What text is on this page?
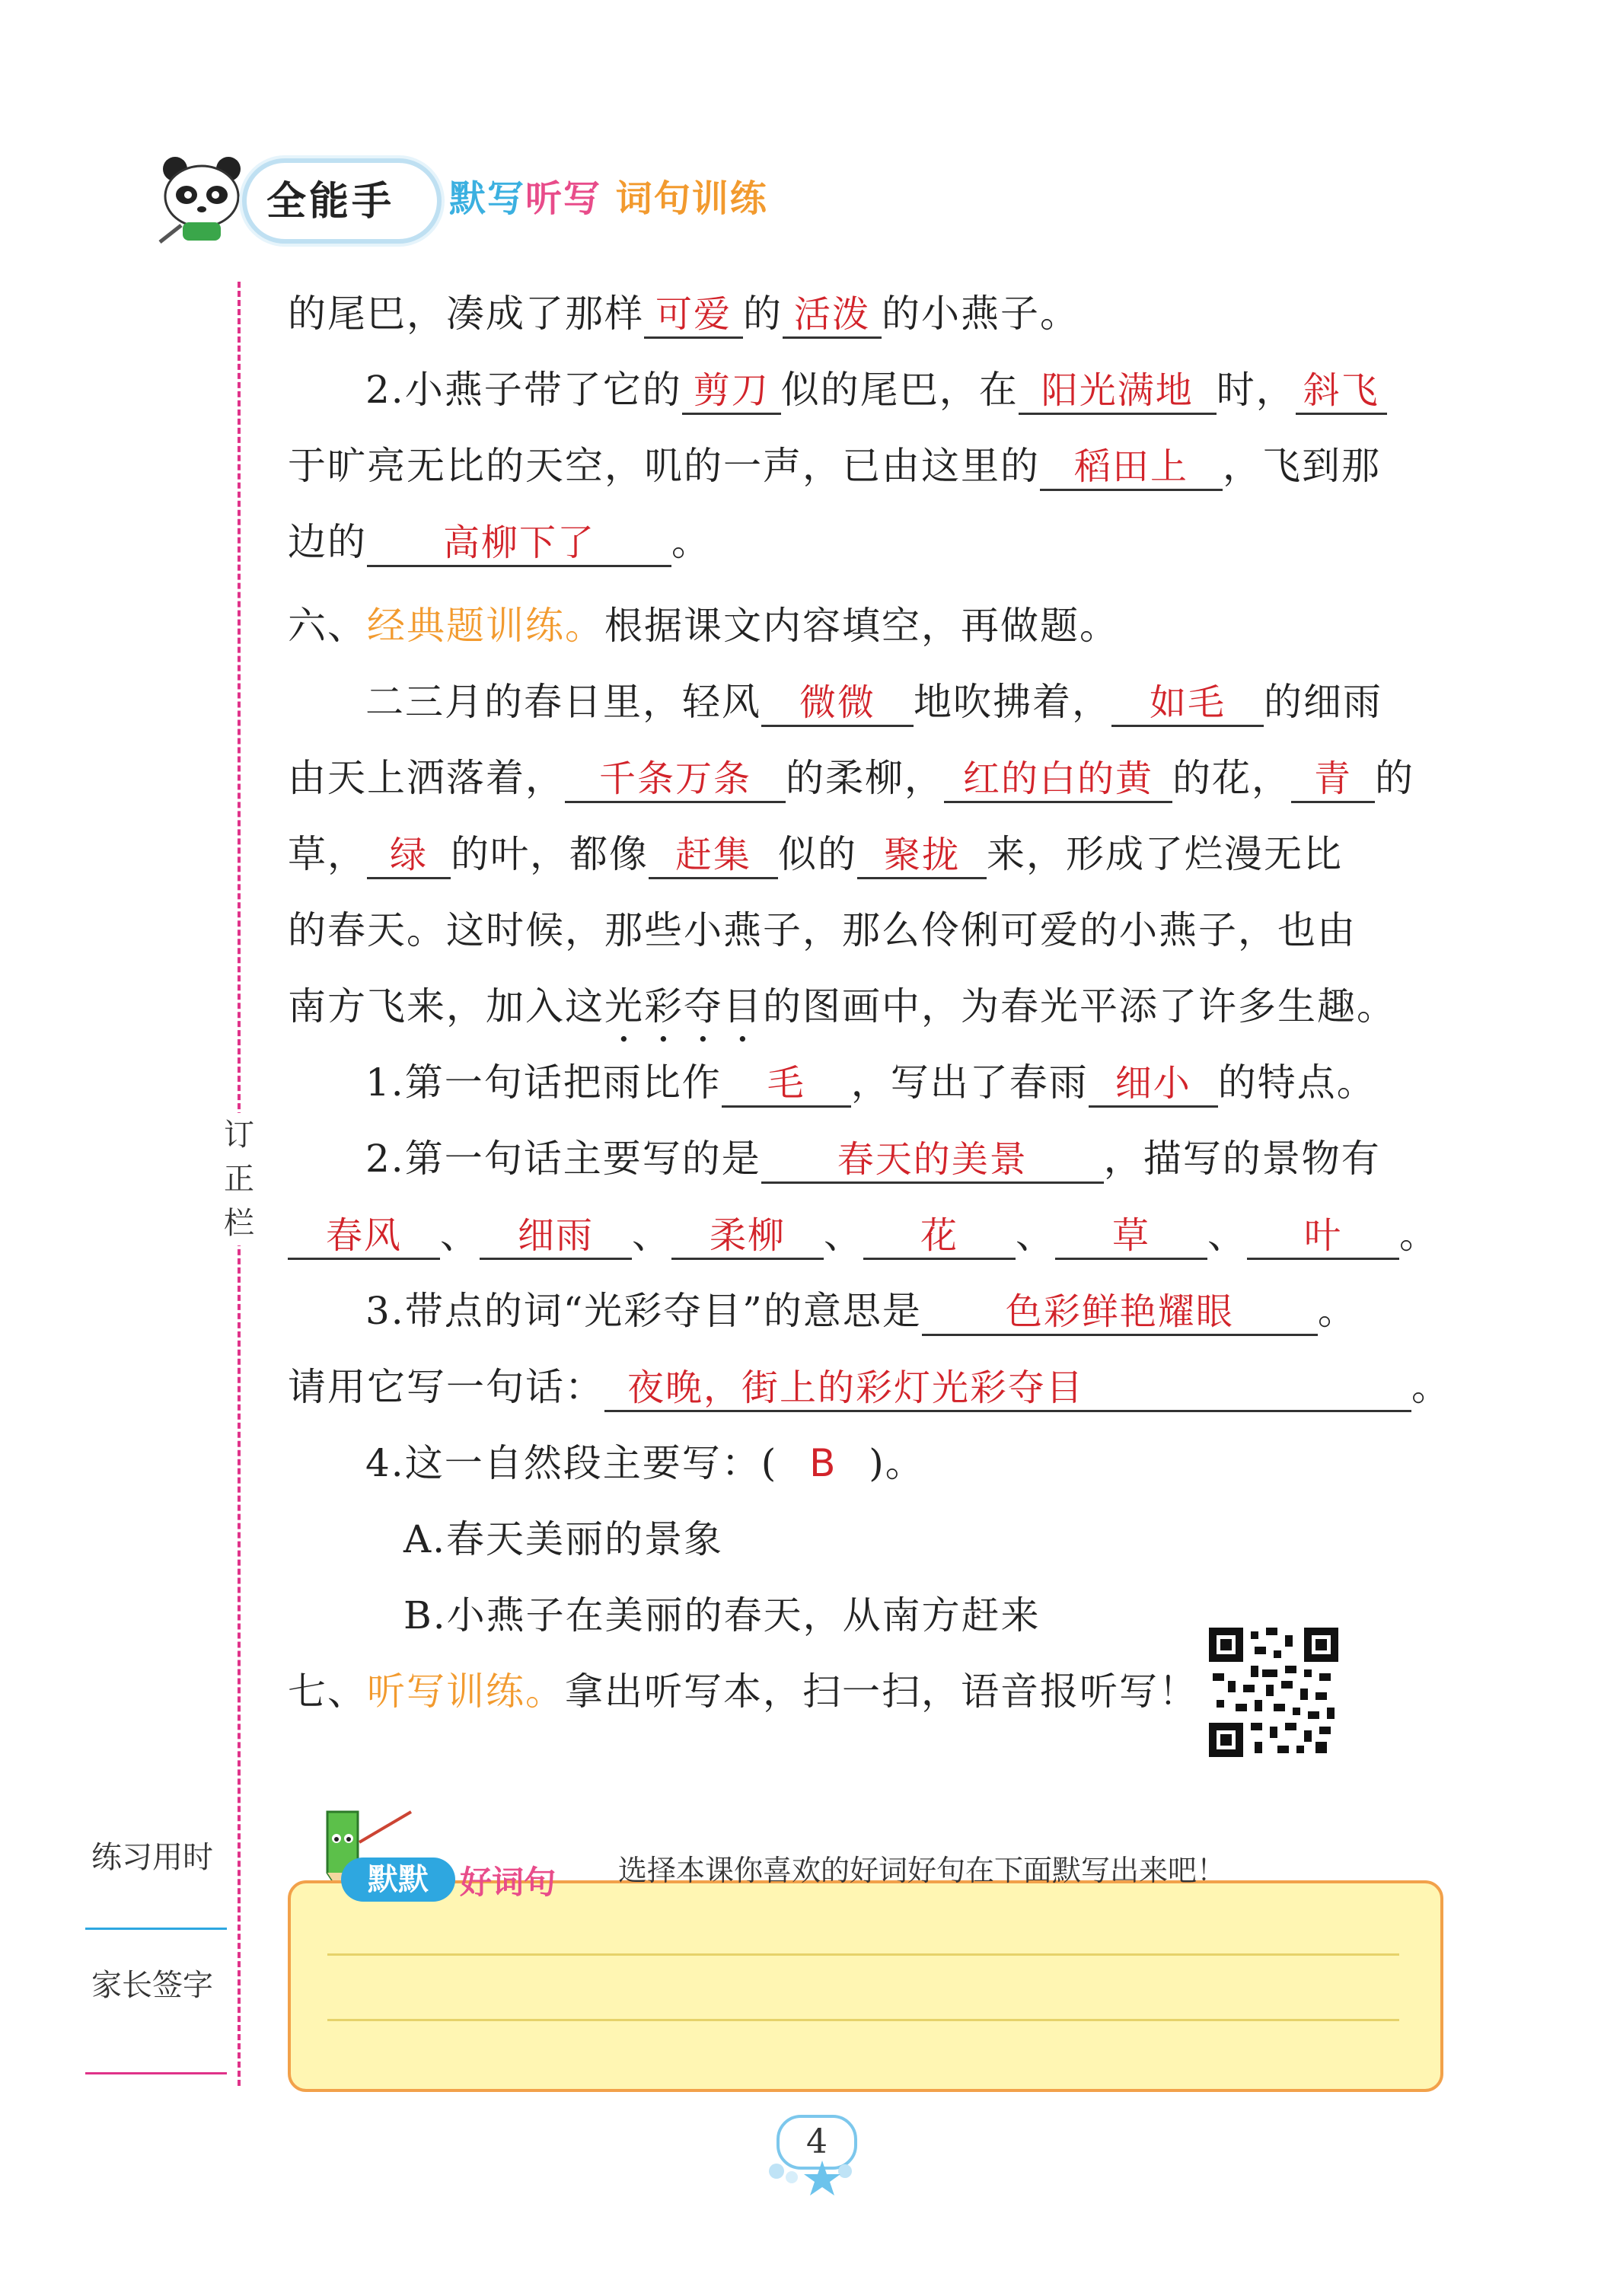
全能手 默写听写 词句训练
订
正
栏
练习用时
家长签字
的尾巴，凑成了那样 可爱 的 活泼 的小燕子。
2.小燕子带了它的 剪刀 似的尾巴，在 阳光满地 时， 斜飞
于旷亮无比的天空，叽的一声，已由这里的 稻田上 ，飞到那
边的 高柳下了 。
六、经典题训练。根据课文内容填空，再做题。
二三月的春日里，轻风 微微 地吹拂着， 如毛 的细雨
由天上洒落着， 千条万条 的柔柳， 红的白的黄 的花， 青 的
草， 绿 的叶，都像 赶集 似的 聚拢 来，形成了烂漫无比
的春天。这时候，那些小燕子，那么伶俐可爱的小燕子，也由
南方飞来，加入这光彩夺目的图画中，为春光平添了许多生趣。
1.第一句话把雨比作 毛 ，写出了春雨 细小 的特点。
2.第一句话主要写的是 春天的美景 ，描写的景物有
春风 、 细雨 、 柔柳 、 花 、 草 、 叶 。
3.带点的词“光彩夺目”的意思是 色彩鲜艳耀眼 。
请用它写一句话： 夜晚，街上的彩灯光彩夺目	。
4.这一自然段主要写：( B )。
A.春天美丽的景象
B.小燕子在美丽的春天，从南方赶来
七、听写训练。拿出听写本，扫一扫，语音报听写！
默默 好词句 选择本课你喜欢的好词好句在下面默写出来吧！
4
